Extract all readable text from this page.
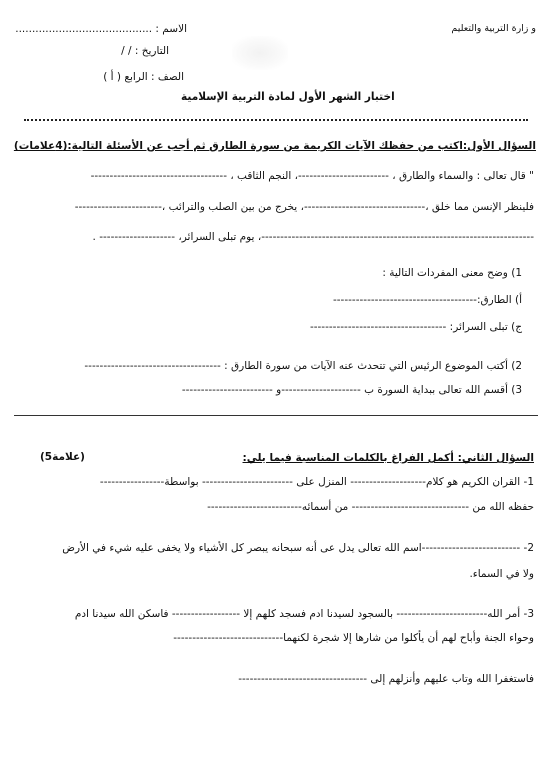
و زارة التربية والتعليم
الاسم : .........................................
التاريخ : / /
الصف : الرابع ( أ )
اختبار الشهر الأول لمادة التربية الإسلامية
السؤال الأول:اكتب من حفظك الآيات الكريمة من سورة الطارق ثم أجب عن الأسئلة التالية:(4علامات)
" قال تعالى : والسماء والطارق ، ------------------------، النجم الثاقب ، ------------------------------------
فلينظر الإنسن مما خلق ،--------------------------------، يخرج من بين الصلب والترائب ،-----------------------
------------------------------------------------------------------------، يوم تبلى السرائر، -------------------- .
1) وضح معنى المفردات التالية :
أ) الطارق:--------------------------------------
ج) تبلى السرائر: ------------------------------------
2) أكتب الموضوع الرئيس التي تتحدث عنه الآيات من سورة الطارق : ------------------------------------
3) أقسم الله تعالى ببداية السورة ب ---------------------و ------------------------
السؤال الثاني: أكمل الفراغ بالكلمات المناسبة فيما يلي:
(5علامة)
1- القران الكريم هو كلام-------------------- المنزل على ------------------------ بواسطة-----------------
حفظه الله من ------------------------------- من أسمائه-------------------------
2- --------------------------اسم الله تعالى يدل عى أنه سبحانه يبصر كل الأشياء ولا يخفى عليه شيء في الأرض
ولا في السماء.
3- أمر الله------------------------ بالسجود لسيدنا ادم فسجد كلهم إلا ------------------ فاسكن الله سيدنا ادم
وحواء الجنة وأباح لهم أن يأكلوا من شارها إلا شجرة لكنهما-----------------------------
فاستغفرا الله وتاب عليهم وأنزلهم إلى ----------------------------------
